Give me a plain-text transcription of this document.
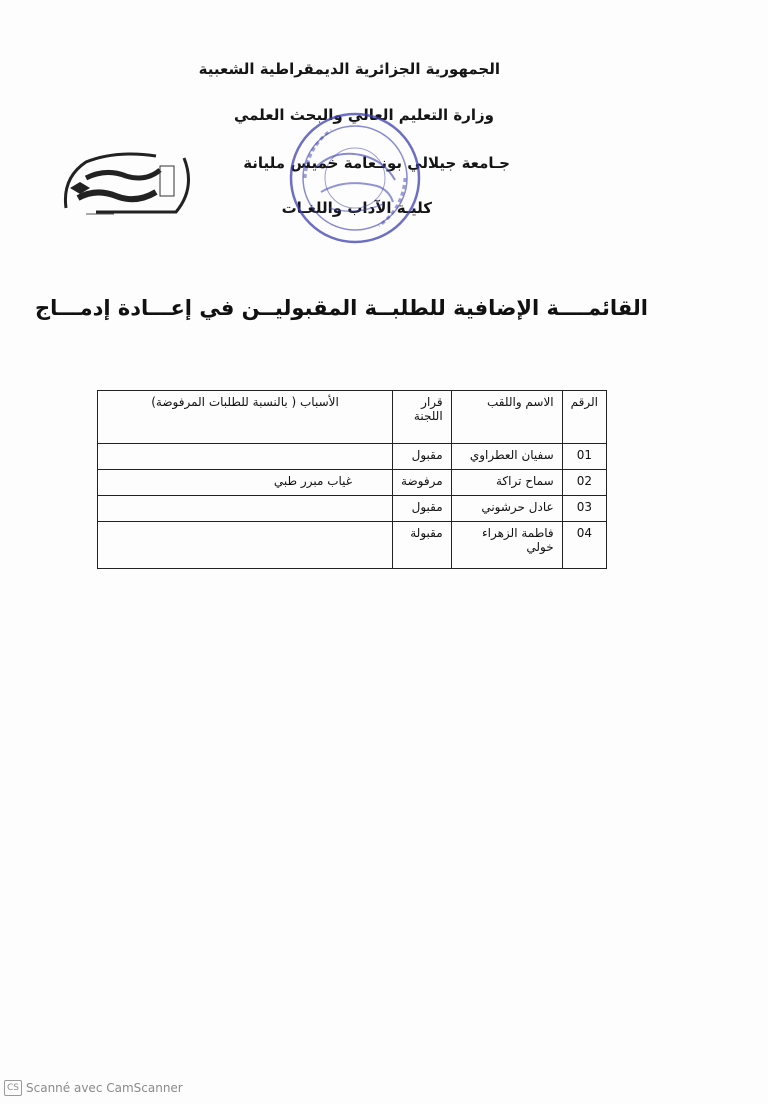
الجمهورية الجزائرية الديمقراطية الشعبية
وزارة التعليم العالي والبحث العلمي
جـامعة جيلالي بونـعامة خميس مليانة
كليـة الآداب واللغـات
القائمــــة الإضافية للطلبــة المقبوليــن في إعـــادة إدمـــاج
الرقم	الاسم واللقب	قرار اللجنة	الأسباب ( بالنسبة للطلبات المرفوضة)
01	سفيان العطراوي	مقبول	
02	سماح تراكة	مرفوضة	غياب مبرر طبي
03	عادل حرشوني	مقبول	
04	فاطمة الزهراء خولي	مقبولة	
CS Scanné avec CamScanner
